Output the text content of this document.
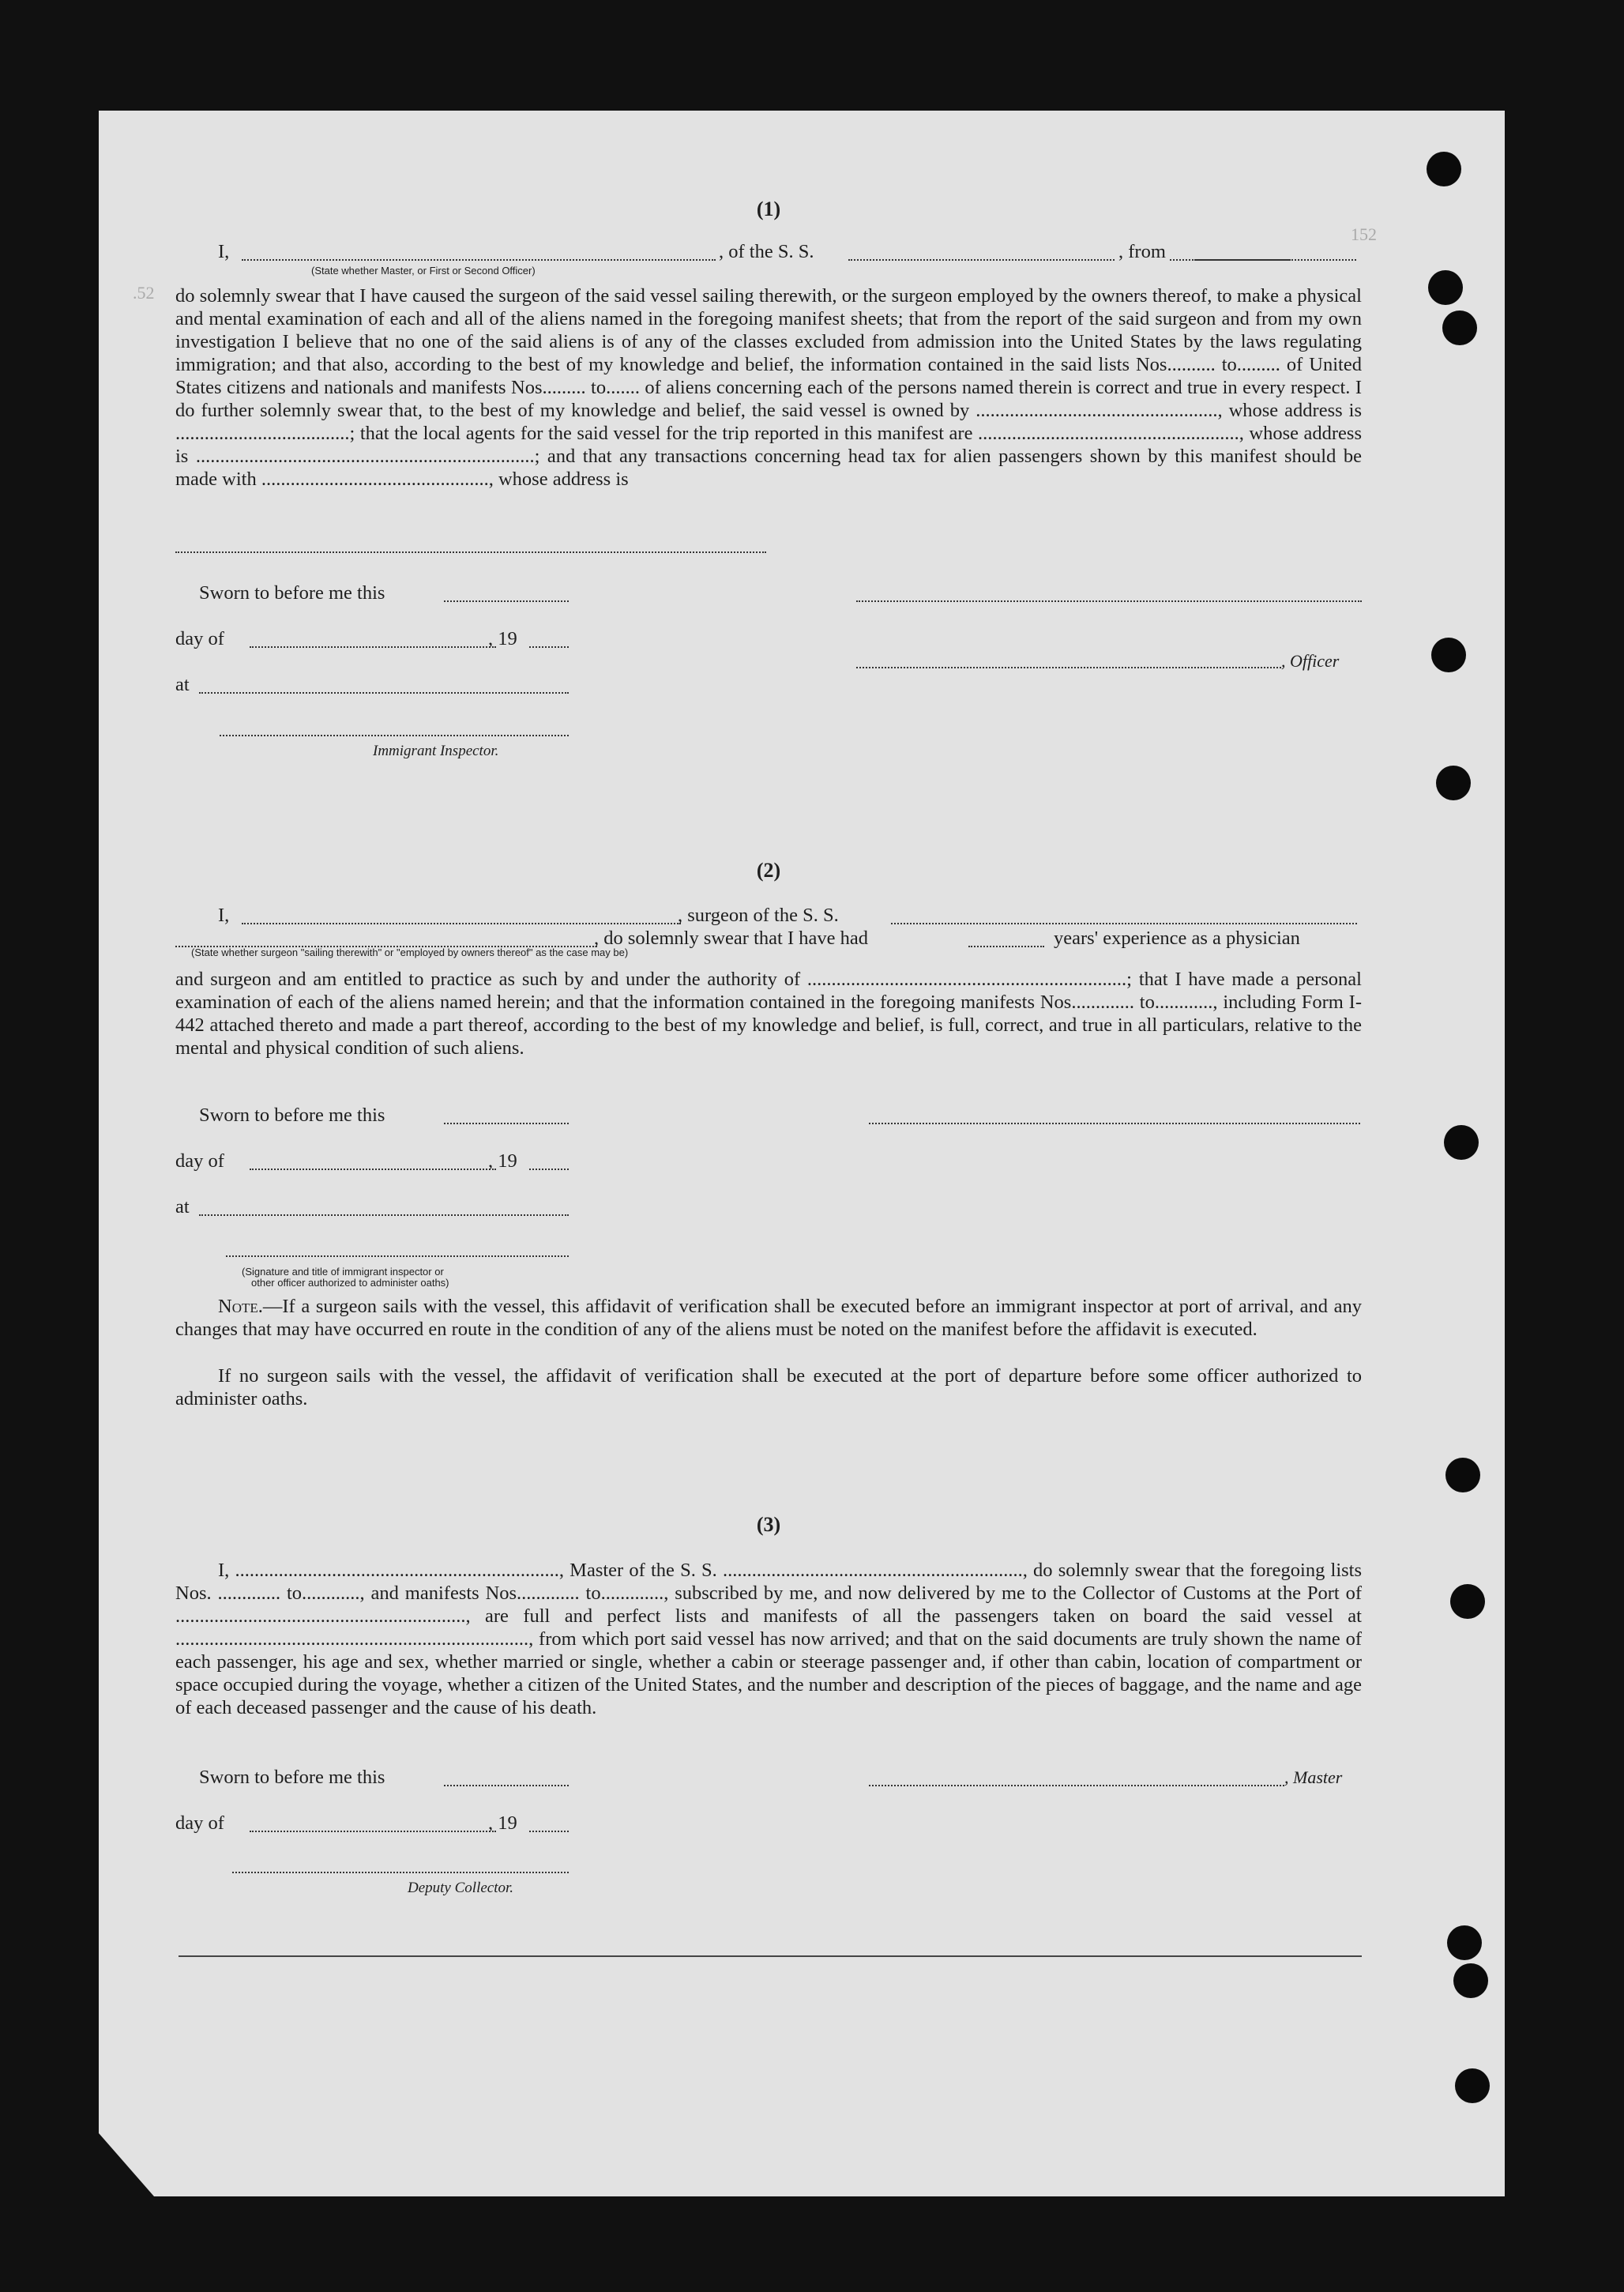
.52
152
(1)
I,	, of the S. S.	, from
(State whether Master, or First or Second Officer)
do solemnly swear that I have caused the surgeon of the said vessel sailing therewith, or the surgeon employed by the owners thereof, to make a physical and mental examination of each and all of the aliens named in the foregoing manifest sheets; that from the report of the said surgeon and from my own investigation I believe that no one of the said aliens is of any of the classes excluded from admission into the United States by the laws regulating immigration; and that also, according to the best of my knowledge and belief, the information contained in the said lists Nos.......... to......... of United States citizens and nationals and manifests Nos......... to....... of aliens concerning each of the persons named therein is correct and true in every respect. I do further solemnly swear that, to the best of my knowledge and belief, the said vessel is owned by .................................................., whose address is ....................................; that the local agents for the said vessel for the trip reported in this manifest are ......................................................, whose address is ......................................................................; and that any transactions concerning head tax for alien passengers shown by this manifest should be made with ..............................................., whose address is
Sworn to before me this
day of	, 19
, Officer
at
Immigrant Inspector.
(2)
I,	, surgeon of the S. S.
, do solemnly swear that I have had	years' experience as a physician
(State whether surgeon "sailing therewith" or "employed by owners thereof" as the case may be)
and surgeon and am entitled to practice as such by and under the authority of ..................................................................; that I have made a personal examination of each of the aliens named herein; and that the information contained in the foregoing manifests Nos............. to............, including Form I-442 attached thereto and made a part thereof, according to the best of my knowledge and belief, is full, correct, and true in all particulars, relative to the mental and physical condition of such aliens.
Sworn to before me this
day of	, 19
at
(Signature and title of immigrant inspector or
other officer authorized to administer oaths)
Note.—If a surgeon sails with the vessel, this affidavit of verification shall be executed before an immigrant inspector at port of arrival, and any changes that may have occurred en route in the condition of any of the aliens must be noted on the manifest before the affidavit is executed.
If no surgeon sails with the vessel, the affidavit of verification shall be executed at the port of departure before some officer authorized to administer oaths.
(3)
I, ..................................................................., Master of the S. S. .............................................................., do solemnly swear that the foregoing lists Nos. ............. to............, and manifests Nos............. to............., subscribed by me, and now delivered by me to the Collector of Customs at the Port of ............................................................, are full and perfect lists and manifests of all the passengers taken on board the said vessel at ........................................................................., from which port said vessel has now arrived; and that on the said documents are truly shown the name of each passenger, his age and sex, whether married or single, whether a cabin or steerage passenger and, if other than cabin, location of compartment or space occupied during the voyage, whether a citizen of the United States, and the number and description of the pieces of baggage, and the name and age of each deceased passenger and the cause of his death.
Sworn to before me this	, Master
day of	, 19
Deputy Collector.
